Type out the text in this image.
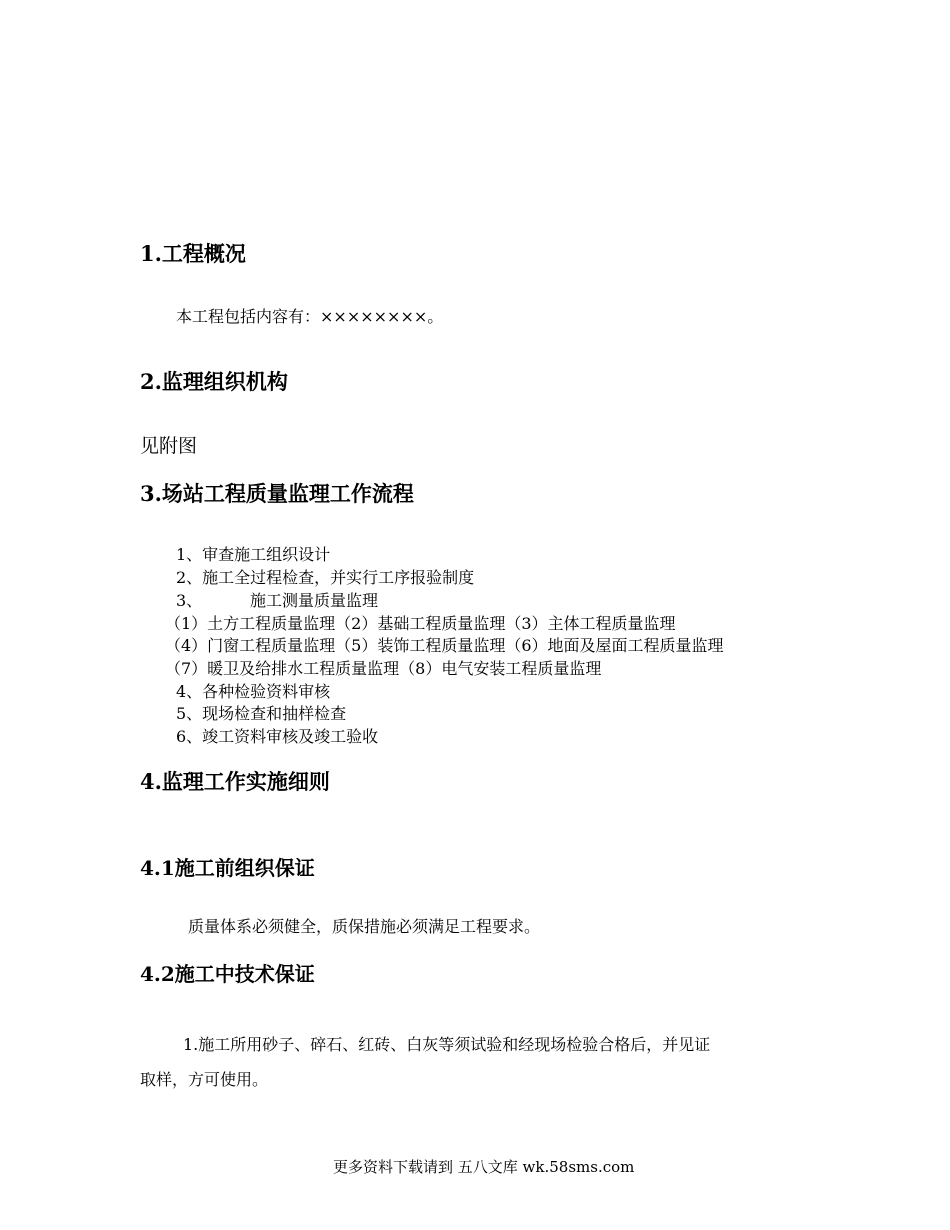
1.工程概况
本工程包括内容有：××××××××。
2.监理组织机构
见附图
3.场站工程质量监理工作流程
1、审查施工组织设计
2、施工全过程检查，并实行工序报验制度
3、	施工测量质量监理
（1）土方工程质量监理（2）基础工程质量监理（3）主体工程质量监理
（4）门窗工程质量监理（5）装饰工程质量监理（6）地面及屋面工程质量监理
（7）暖卫及给排水工程质量监理（8）电气安装工程质量监理
4、各种检验资料审核
5、现场检查和抽样检查
6、竣工资料审核及竣工验收
4.监理工作实施细则
4.1施工前组织保证
质量体系必须健全，质保措施必须满足工程要求。
4.2施工中技术保证
1.施工所用砂子、碎石、红砖、白灰等须试验和经现场检验合格后，并见证
取样，方可使用。
更多资料下载请到 五八文库 wk.58sms.com
